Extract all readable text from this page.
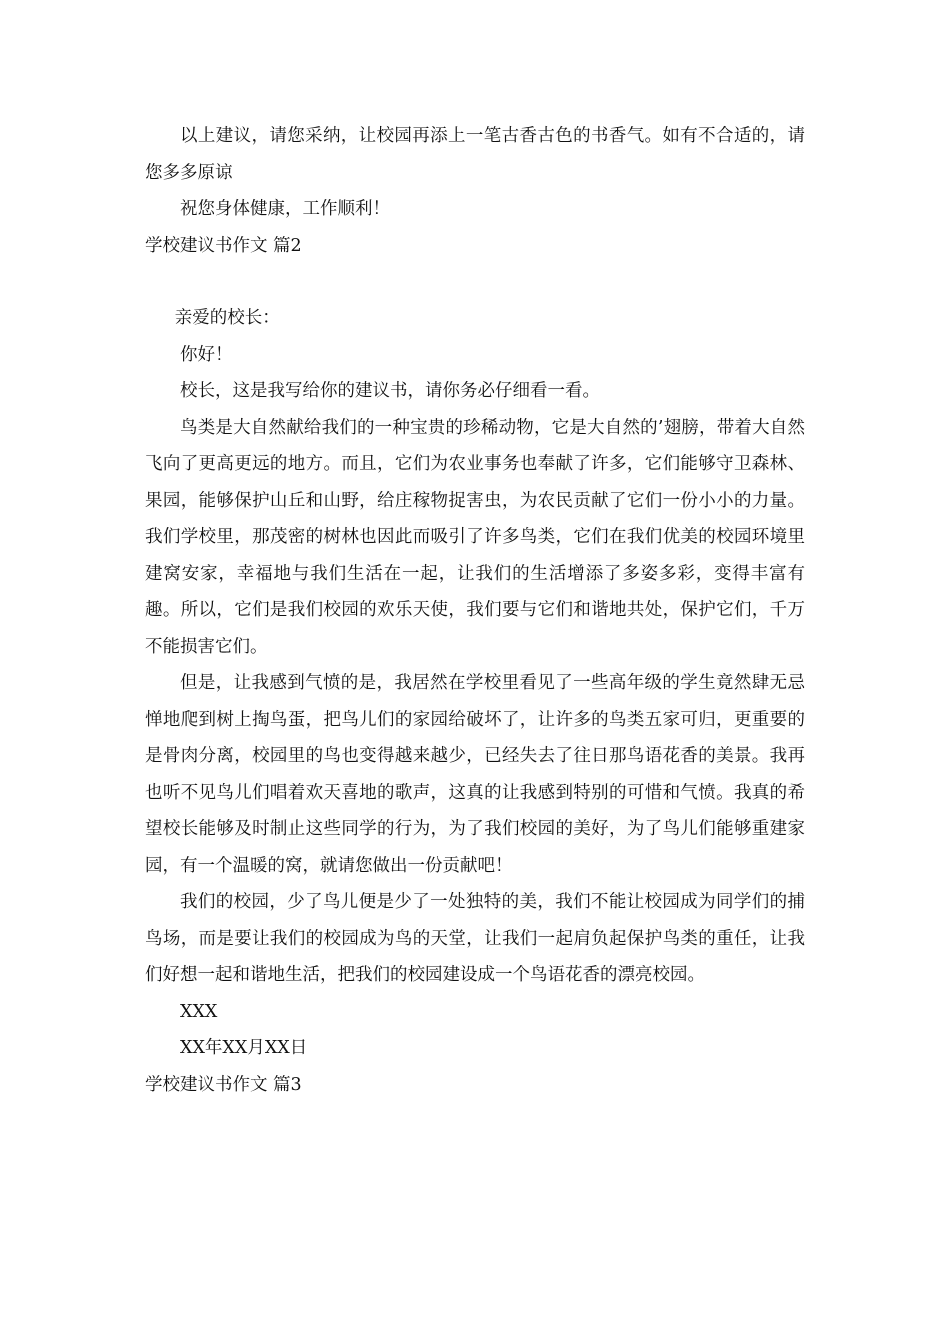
以上建议，请您采纳，让校园再添上一笔古香古色的书香气。如有不合适的，请您多多原谅

祝您身体健康，工作顺利！

学校建议书作文 篇2

亲爱的校长：

你好！

校长，这是我写给你的建议书，请你务必仔细看一看。

鸟类是大自然献给我们的一种宝贵的珍稀动物，它是大自然的’翅膀，带着大自然飞向了更高更远的地方。而且，它们为农业事务也奉献了许多，它们能够守卫森林、果园，能够保护山丘和山野，给庄稼物捉害虫，为农民贡献了它们一份小小的力量。我们学校里，那茂密的树林也因此而吸引了许多鸟类，它们在我们优美的校园环境里建窝安家，幸福地与我们生活在一起，让我们的生活增添了多姿多彩，变得丰富有趣。所以，它们是我们校园的欢乐天使，我们要与它们和谐地共处，保护它们，千万不能损害它们。

但是，让我感到气愤的是，我居然在学校里看见了一些高年级的学生竟然肆无忌惮地爬到树上掏鸟蛋，把鸟儿们的家园给破坏了，让许多的鸟类五家可归，更重要的是骨肉分离，校园里的鸟也变得越来越少，已经失去了往日那鸟语花香的美景。我再也听不见鸟儿们唱着欢天喜地的歌声，这真的让我感到特别的可惜和气愤。我真的希望校长能够及时制止这些同学的行为，为了我们校园的美好，为了鸟儿们能够重建家园，有一个温暖的窝，就请您做出一份贡献吧！

我们的校园，少了鸟儿便是少了一处独特的美，我们不能让校园成为同学们的捕鸟场，而是要让我们的校园成为鸟的天堂，让我们一起肩负起保护鸟类的重任，让我们好想一起和谐地生活，把我们的校园建设成一个鸟语花香的漂亮校园。

XXX

XX年XX月XX日

学校建议书作文 篇3
